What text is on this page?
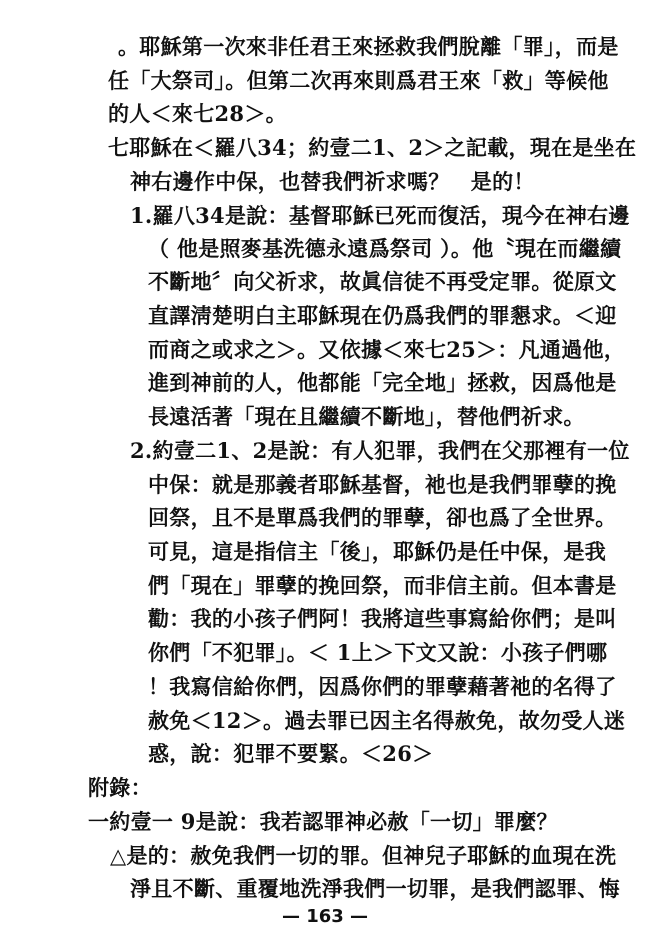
。耶穌第一次來非任君王來拯救我們脫離「罪」，而是
任「大祭司」。但第二次再來則爲君王來「救」等候他
的人＜來七28＞。
七耶穌在＜羅八34；約壹二1、2＞之記載，現在是坐在
神右邊作中保，也替我們祈求嗎？　是的！
1.羅八34是說：基督耶穌已死而復活，現今在神右邊
（ 他是照麥基洗德永遠爲祭司 ）。他〝現在而繼續
不斷地〞向父祈求，故眞信徒不再受定罪。從原文
直譯淸楚明白主耶穌現在仍爲我們的罪懇求。＜迎
而商之或求之＞。又依據＜來七25＞：凡通過他，
進到神前的人，他都能「完全地」拯救，因爲他是
長遠活著「現在且繼續不斷地」，替他們祈求。
2.約壹二1、2是說：有人犯罪，我們在父那裡有一位
中保：就是那義者耶穌基督，祂也是我們罪孽的挽
回祭，且不是單爲我們的罪孽，卻也爲了全世界。
可見，這是指信主「後」，耶穌仍是任中保，是我
們「現在」罪孽的挽回祭，而非信主前。但本書是
勸：我的小孩子們阿！我將這些事寫給你們；是叫
你們「不犯罪」。＜ 1上＞下文又說：小孩子們哪
！我寫信給你們，因爲你們的罪孽藉著祂的名得了
赦免＜12＞。過去罪已因主名得赦免，故勿受人迷
惑，說：犯罪不要緊。＜26＞
附錄：
一約壹一 9是說：我若認罪神必赦「一切」罪麼？
△是的：赦免我們一切的罪。但神兒子耶穌的血現在洗
淨且不斷、重覆地洗淨我們一切罪，是我們認罪、悔
— 163 —
